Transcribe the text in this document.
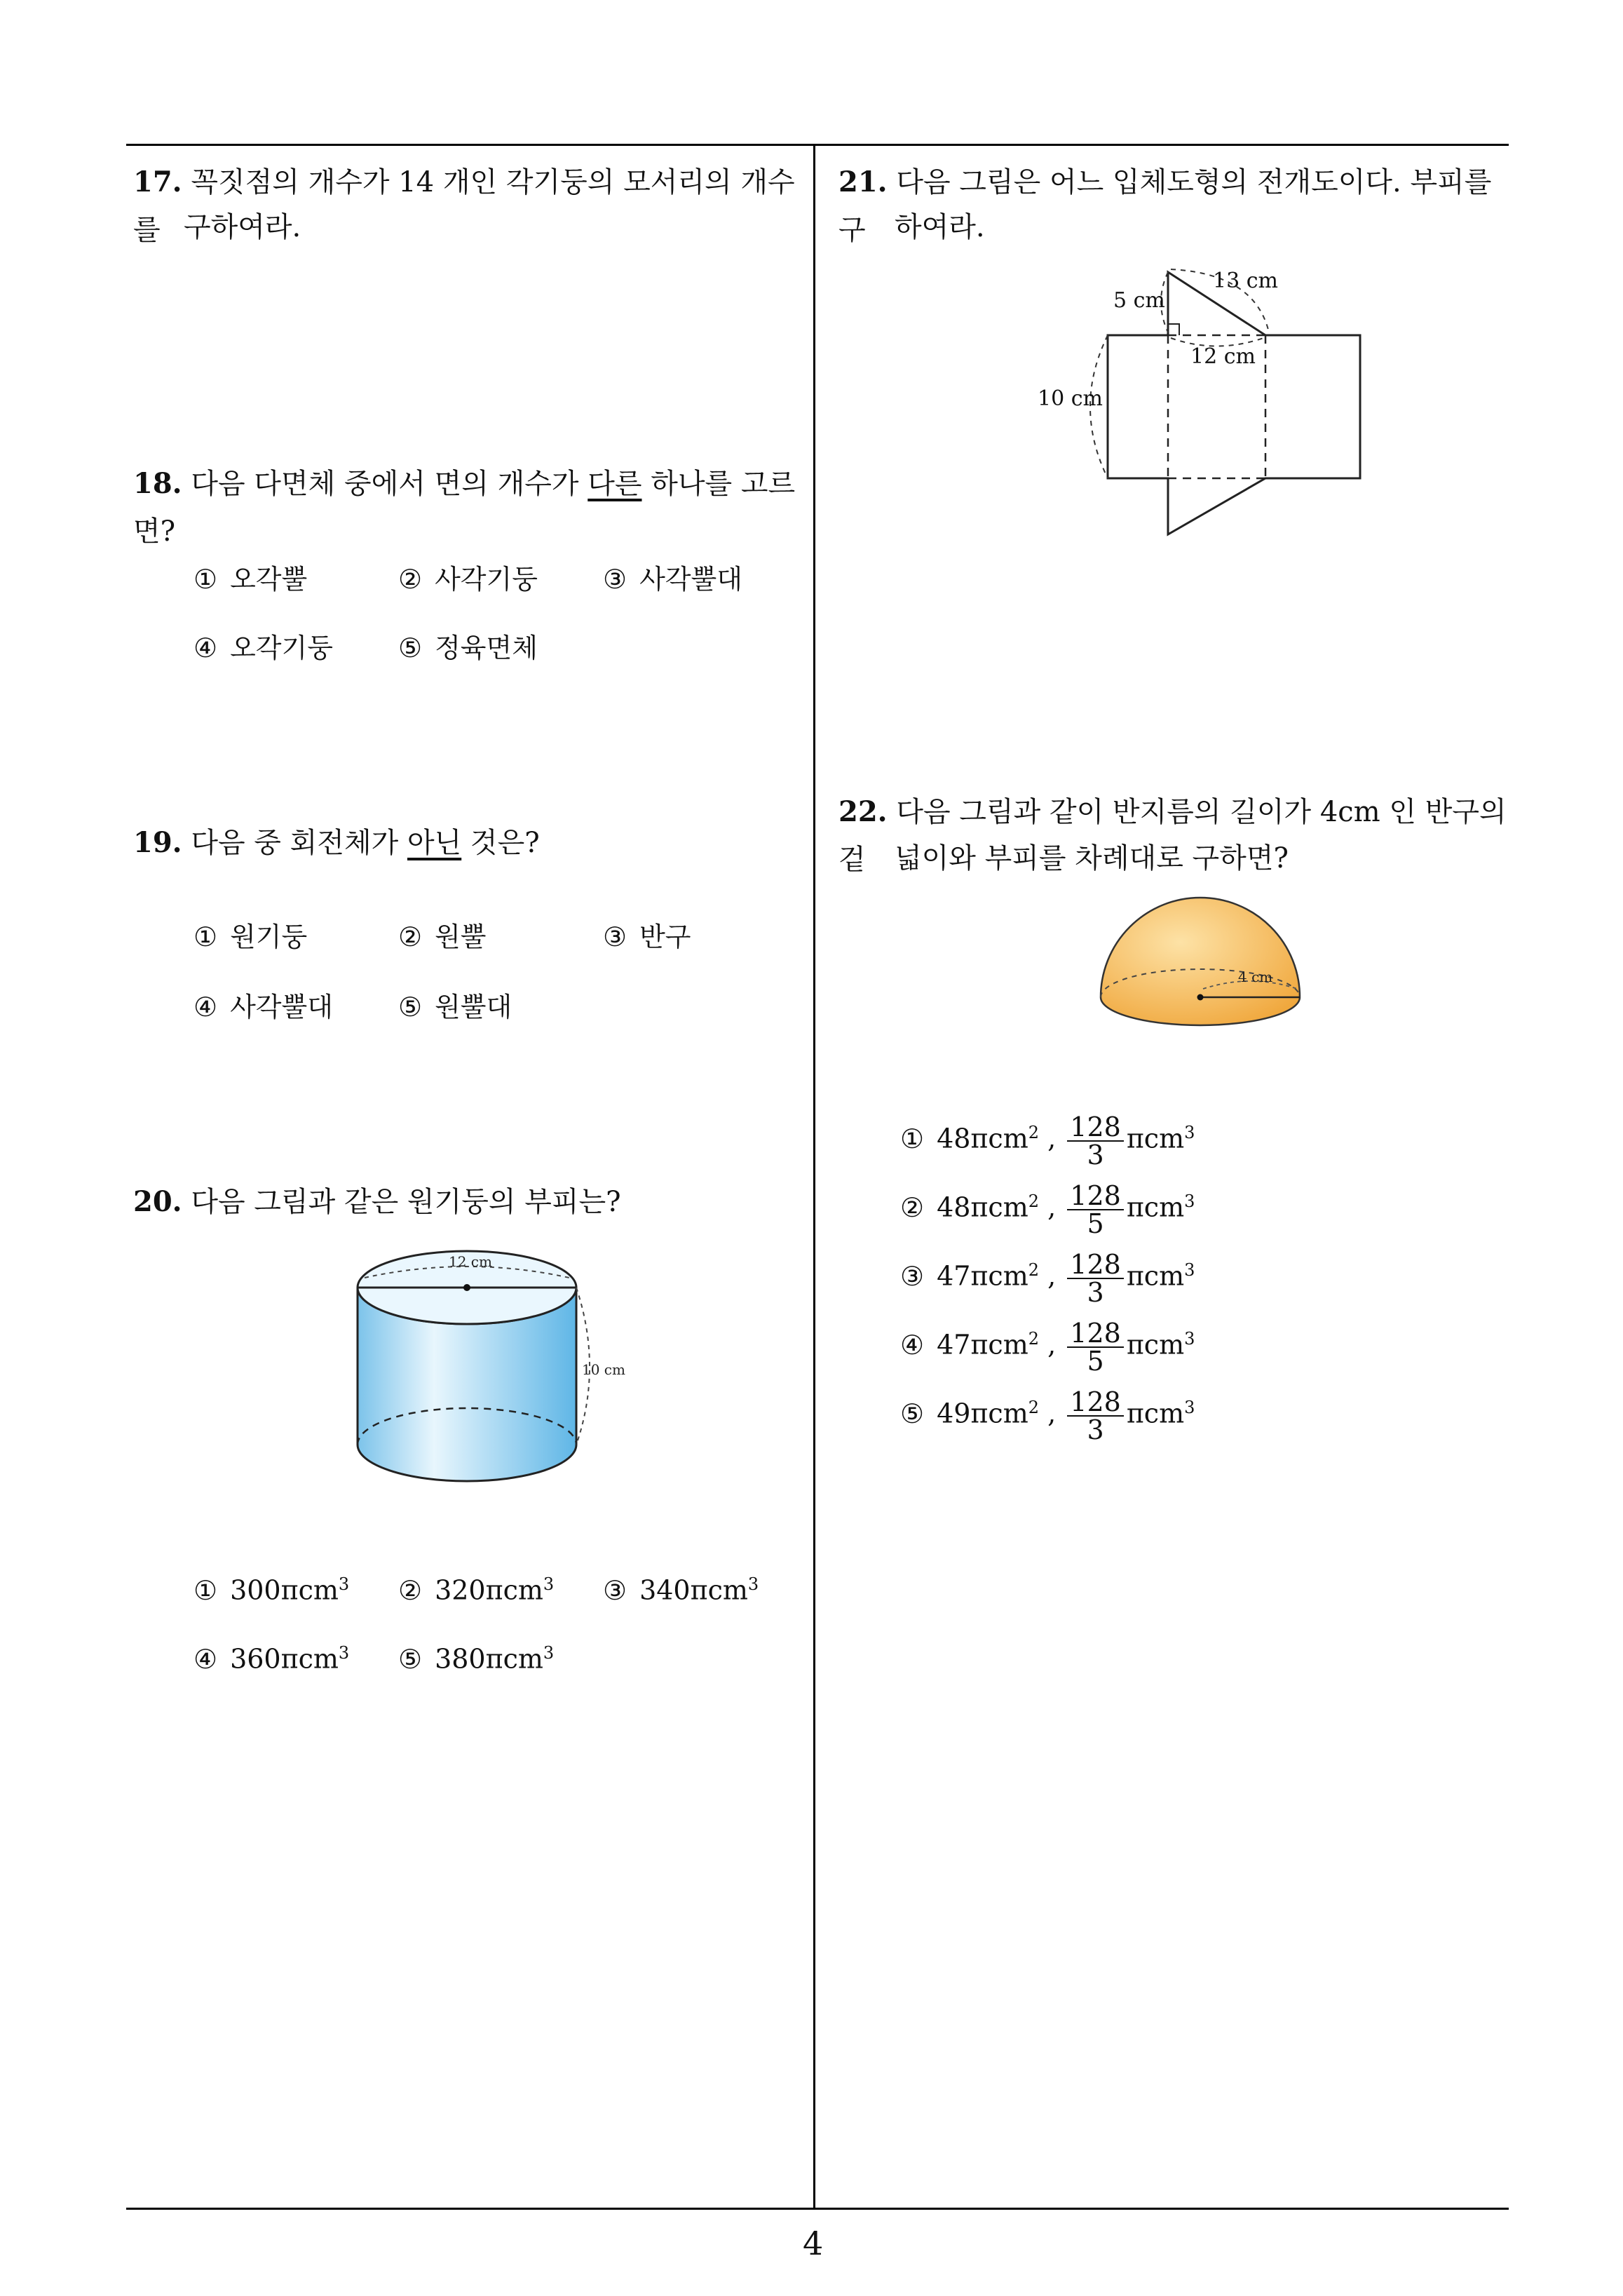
4
17. 꼭짓점의 개수가 14 개인 각기둥의 모서리의 개수를 구하여라.
18. 다음 다면체 중에서 면의 개수가 다른 하나를 고르면?
① 오각뿔	② 사각기둥 ③ 사각뿔대
④ 오각기둥 ⑤ 정육면체
19. 다음 중 회전체가 아닌 것은?
① 원기둥	② 원뿔	③ 반구
④ 사각뿔대 ⑤ 원뿔대
20. 다음 그림과 같은 원기둥의 부피는?
12 cm
10 cm
① 300πcm$^3$ ② 320πcm$^3$ ③ 340πcm$^3$
④ 360πcm$^3$ ⑤ 380πcm$^3$
21. 다음 그림은 어느 입체도형의 전개도이다. 부피를 구	하여라.
5 cm
13 cm
12 cm
10 cm
22. 다음 그림과 같이 반지름의 길이가 4cm 인 반구의 겉	넓이와 부피를 차례대로 구하면?
4 cm
① 48πcm$^2$ , $\frac{128}{3} \pi cm^3$
② 48πcm$^2$ , $\frac{128}{5} \pi cm^3$
③ 47πcm$^2$ , $\frac{128}{3} \pi cm^3$
④ 47πcm$^2$ , $\frac{128}{5} \pi cm^3$
⑤ 49πcm$^2$ , $\frac{128}{3} \pi cm^3$
